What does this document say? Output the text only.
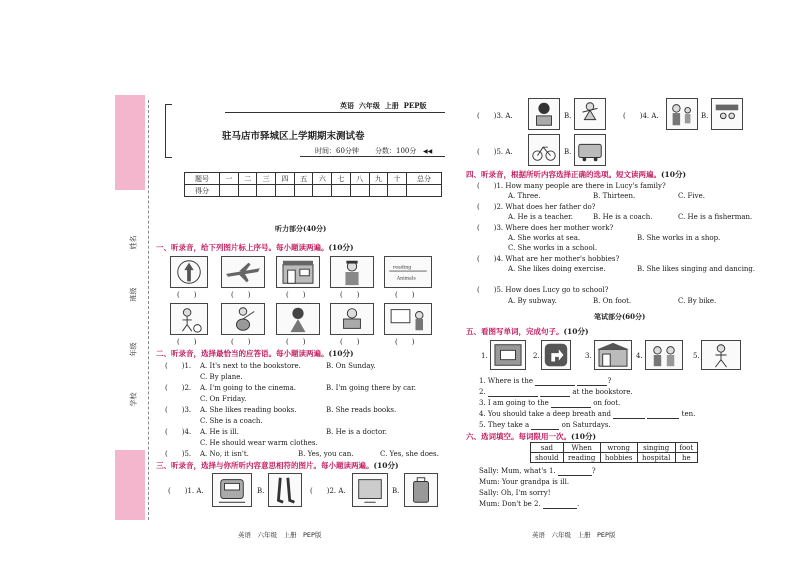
姓名
班级
年级
学校
英语 六年级 上册 PEP版
驻马店市驿城区上学期期末测试卷
时间：60分钟 分数：100分 ◀◀
题号	一	二	三	四	五	六	七	八	九	十	总分
得分											
听力部分(40分)
一、听录音，给下列图片标上序号。每小题读两遍。(10分)
reading
Animals
(　　)	(　　)	(　　)	(　　)	(　　)
(　　)	(　　)	(　　)	(　　)	(　　)
二、听录音，选择最恰当的应答语。每小题读两遍。(10分)
(　　)1. A. It's next to the bookstore.	B. On Sunday.
C. By plane.
(　　)2. A. I'm going to the cinema.	B. I'm going there by car.
C. On Friday.
(　　)3. A. She likes reading books.	B. She reads books.
C. She is a coach.
(　　)4. A. He is ill.	B. He is a doctor.
C. He should wear warm clothes.
(　　)5. A. No, it isn't.	B. Yes, you can.	C. Yes, she does.
三、听录音，选择与你所听内容意思相符的图片。每小题读两遍。(10分)
(　　)1. A.	B.	(　　)2. A.	B.
英语　六年级　上册　PEP版
(　　)3. A.	B.	(　　)4. A.	B.
(　　)5. A.	B.
四、听录音，根据所听内容选择正确的选项。短文读两遍。(10分)
(　　)1. How many people are there in Lucy's family?
A. Three.	B. Thirteen.	C. Five.
(　　)2. What does her father do?
A. He is a teacher.	B. He is a coach.	C. He is a fisherman.
(　　)3. Where does her mother work?
A. She works at sea.	B. She works in a shop.
C. She works in a school.
(　　)4. What are her mother's hobbies?
A. She likes doing exercise.	B. She likes singing and dancing.
(　　)5. How does Lucy go to school?
A. By subway.	B. On foot.	C. By bike.
笔试部分(60分)
五、看图写单词，完成句子。(10分)
1.	2.	3.	4.	5.
1. Where is the	?
2.	at the bookstore.
3. I am going to the	on foot.
4. You should take a deep breath and	ten.
5. They take a	on Saturdays.
六、选词填空。每词限用一次。(10分)
sad	When	wrong	singing	foot
should	reading	hobbies	hospital	he
Sally: Mum, what's 1.	?
Mum: Your grandpa is ill.
Sally: Oh, I'm sorry!
Mum: Don't be 2.	.
英语　六年级　上册　PEP版
